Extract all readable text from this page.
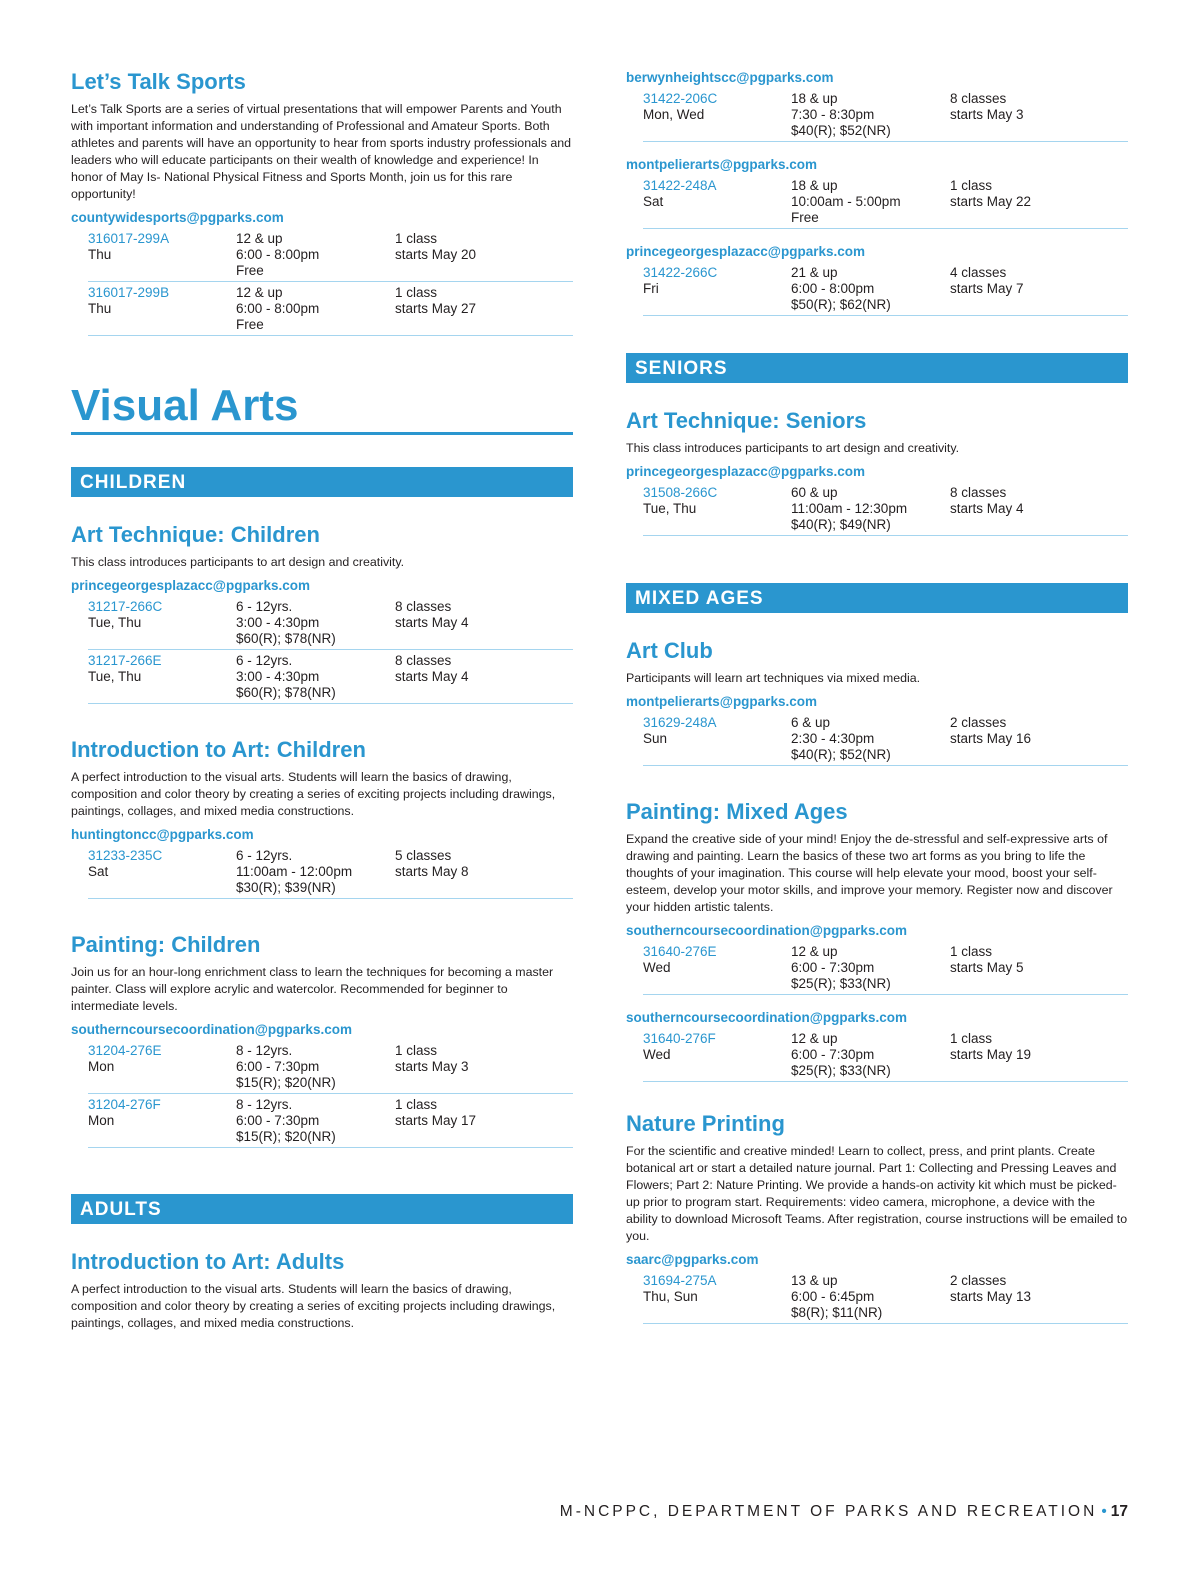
Let’s Talk Sports

Let’s Talk Sports are a series of virtual presentations that will empower Parents and Youth with important information and understanding of Professional and Amateur Sports. Both athletes and parents will have an opportunity to hear from sports industry professionals and leaders who will educate participants on their wealth of knowledge and experience! In honor of May Is- National Physical Fitness and Sports Month, join us for this rare opportunity!

countywidesports@pgparks.com
316017-299A
Thu
12 & up
6:00 - 8:00pm
Free
1 class
starts May 20
316017-299B
Thu
12 & up
6:00 - 8:00pm
Free
1 class
starts May 27
Visual Arts
CHILDREN
Art Technique: Children

This class introduces participants to art design and creativity.

princegeorgesplazacc@pgparks.com
31217-266C
Tue, Thu
6 - 12yrs.
3:00 - 4:30pm
$60(R); $78(NR)
8 classes
starts May 4
31217-266E
Tue, Thu
6 - 12yrs.
3:00 - 4:30pm
$60(R); $78(NR)
8 classes
starts May 4
Introduction to Art: Children

A perfect introduction to the visual arts. Students will learn the basics of drawing, composition and color theory by creating a series of exciting projects including drawings, paintings, collages, and mixed media constructions.

huntingtoncc@pgparks.com
31233-235C
Sat
6 - 12yrs.
11:00am - 12:00pm
$30(R); $39(NR)
5 classes
starts May 8
Painting: Children

Join us for an hour-long enrichment class to learn the techniques for becoming a master painter. Class will explore acrylic and watercolor. Recommended for beginner to intermediate levels.

southerncoursecoordination@pgparks.com
31204-276E
Mon
8 - 12yrs.
6:00 - 7:30pm
$15(R); $20(NR)
1 class
starts May 3
31204-276F
Mon
8 - 12yrs.
6:00 - 7:30pm
$15(R); $20(NR)
1 class
starts May 17
ADULTS
Introduction to Art: Adults

A perfect introduction to the visual arts. Students will learn the basics of drawing, composition and color theory by creating a series of exciting projects including drawings, paintings, collages, and mixed media constructions.

berwynheightscc@pgparks.com
31422-206C
Mon, Wed
18 & up
7:30 - 8:30pm
$40(R); $52(NR)
8 classes
starts May 3
montpelierarts@pgparks.com
31422-248A
Sat
18 & up
10:00am - 5:00pm
Free
1 class
starts May 22
princegeorgesplazacc@pgparks.com
31422-266C
Fri
21 & up
6:00 - 8:00pm
$50(R); $62(NR)
4 classes
starts May 7
SENIORS
Art Technique: Seniors

This class introduces participants to art design and creativity.

princegeorgesplazacc@pgparks.com
31508-266C
Tue, Thu
60 & up
11:00am - 12:30pm
$40(R); $49(NR)
8 classes
starts May 4
MIXED AGES
Art Club

Participants will learn art techniques via mixed media.

montpelierarts@pgparks.com
31629-248A
Sun
6 & up
2:30 - 4:30pm
$40(R); $52(NR)
2 classes
starts May 16
Painting: Mixed Ages

Expand the creative side of your mind! Enjoy the de-stressful and self-expressive arts of drawing and painting. Learn the basics of these two art forms as you bring to life the thoughts of your imagination. This course will help elevate your mood, boost your self-esteem, develop your motor skills, and improve your memory. Register now and discover your hidden artistic talents.

southerncoursecoordination@pgparks.com
31640-276E
Wed
12 & up
6:00 - 7:30pm
$25(R); $33(NR)
1 class
starts May 5
southerncoursecoordination@pgparks.com
31640-276F
Wed
12 & up
6:00 - 7:30pm
$25(R); $33(NR)
1 class
starts May 19
Nature Printing

For the scientific and creative minded! Learn to collect, press, and print plants. Create botanical art or start a detailed nature journal. Part 1: Collecting and Pressing Leaves and Flowers; Part 2: Nature Printing. We provide a hands-on activity kit which must be picked-up prior to program start. Requirements: video camera, microphone, a device with the ability to download Microsoft Teams. After registration, course instructions will be emailed to you.

saarc@pgparks.com
31694-275A
Thu, Sun
13 & up
6:00 - 6:45pm
$8(R); $11(NR)
2 classes
starts May 13
M-NCPPC, DEPARTMENT OF PARKS AND RECREATION • 17
